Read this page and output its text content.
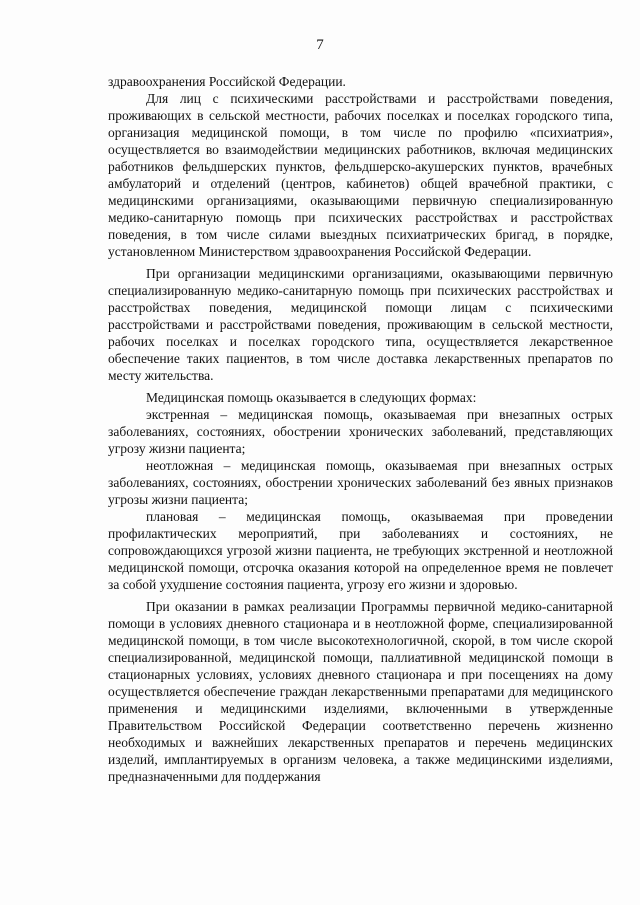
7

здравоохранения Российской Федерации.

Для лиц с психическими расстройствами и расстройствами поведения, проживающих в сельской местности, рабочих поселках и поселках городского типа, организация медицинской помощи, в том числе по профилю «психиатрия», осуществляется во взаимодействии медицинских работников, включая медицинских работников фельдшерских пунктов, фельдшерско-акушерских пунктов, врачебных амбулаторий и отделений (центров, кабинетов) общей врачебной практики, с медицинскими организациями, оказывающими первичную специализированную медико-санитарную помощь при психических расстройствах и расстройствах поведения, в том числе силами выездных психиатрических бригад, в порядке, установленном Министерством здравоохранения Российской Федерации.

При организации медицинскими организациями, оказывающими первичную специализированную медико-санитарную помощь при психических расстройствах и расстройствах поведения, медицинской помощи лицам с психическими расстройствами и расстройствами поведения, проживающим в сельской местности, рабочих поселках и поселках городского типа, осуществляется лекарственное обеспечение таких пациентов, в том числе доставка лекарственных препаратов по месту жительства.

Медицинская помощь оказывается в следующих формах:

экстренная – медицинская помощь, оказываемая при внезапных острых заболеваниях, состояниях, обострении хронических заболеваний, представляющих угрозу жизни пациента;

неотложная – медицинская помощь, оказываемая при внезапных острых заболеваниях, состояниях, обострении хронических заболеваний без явных признаков угрозы жизни пациента;

плановая – медицинская помощь, оказываемая при проведении профилактических мероприятий, при заболеваниях и состояниях, не сопровождающихся угрозой жизни пациента, не требующих экстренной и неотложной медицинской помощи, отсрочка оказания которой на определенное время не повлечет за собой ухудшение состояния пациента, угрозу его жизни и здоровью.

При оказании в рамках реализации Программы первичной медико-санитарной помощи в условиях дневного стационара и в неотложной форме, специализированной медицинской помощи, в том числе высокотехнологичной, скорой, в том числе скорой специализированной, медицинской помощи, паллиативной медицинской помощи в стационарных условиях, условиях дневного стационара и при посещениях на дому осуществляется обеспечение граждан лекарственными препаратами для медицинского применения и медицинскими изделиями, включенными в утвержденные Правительством Российской Федерации соответственно перечень жизненно необходимых и важнейших лекарственных препаратов и перечень медицинских изделий, имплантируемых в организм человека, а также медицинскими изделиями, предназначенными для поддержания
